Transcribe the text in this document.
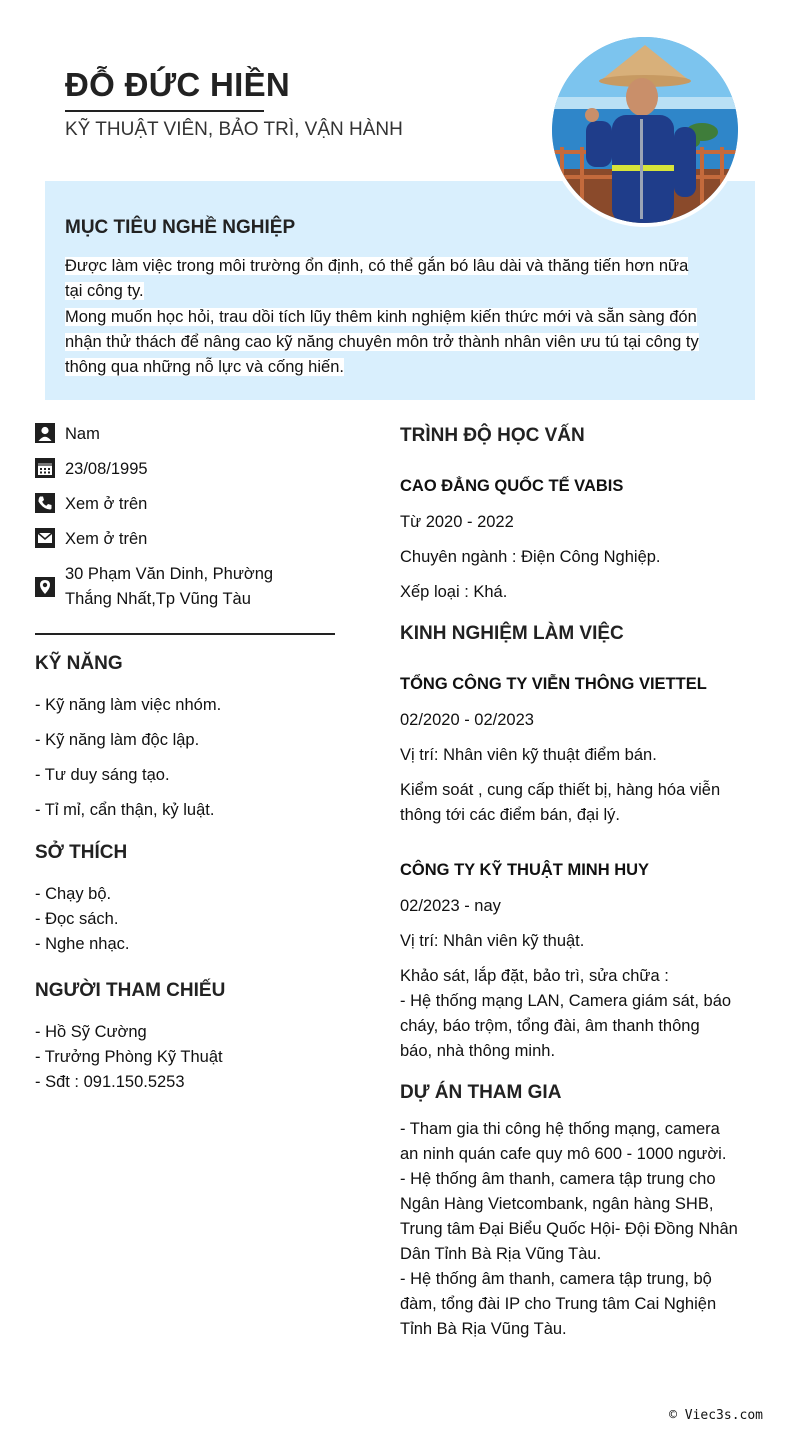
ĐỖ ĐỨC HIỀN
KỸ THUẬT VIÊN, BẢO TRÌ, VẬN HÀNH
MỤC TIÊU NGHỀ NGHIỆP
Được làm việc trong môi trường ổn định, có thể gắn bó lâu dài và thăng tiến hơn nữa
tại công ty.
Mong muốn học hỏi, trau dồi tích lũy thêm kinh nghiệm kiến thức mới và sẵn sàng đón
nhận thử thách để nâng cao kỹ năng chuyên môn trở thành nhân viên ưu tú tại công ty
thông qua những nỗ lực và cống hiến.
Nam
23/08/1995
Xem ở trên
Xem ở trên
30 Phạm Văn Dinh, Phường
Thắng Nhất,Tp Vũng Tàu
KỸ NĂNG
- Kỹ năng làm việc nhóm.
- Kỹ năng làm độc lập.
- Tư duy sáng tạo.
- Tỉ mỉ, cẩn thận, kỷ luật.
SỞ THÍCH
- Chạy bộ.
- Đọc sách.
- Nghe nhạc.
NGƯỜI THAM CHIẾU
- Hồ Sỹ Cường
- Trưởng Phòng Kỹ Thuật
- Sđt : 091.150.5253
TRÌNH ĐỘ HỌC VẤN
CAO ĐẲNG QUỐC TẾ VABIS
Từ 2020 - 2022
Chuyên ngành : Điện Công Nghiệp.
Xếp loại : Khá.
KINH NGHIỆM LÀM VIỆC
TỔNG CÔNG TY VIỄN THÔNG VIETTEL
02/2020 - 02/2023
Vị trí: Nhân viên kỹ thuật điểm bán.
Kiểm soát , cung cấp thiết bị, hàng hóa viễn
thông tới các điểm bán, đại lý.
CÔNG TY KỸ THUẬT MINH HUY
02/2023 - nay
Vị trí: Nhân viên kỹ thuật.
Khảo sát, lắp đặt, bảo trì, sửa chữa :
- Hệ thống mạng LAN, Camera giám sát, báo
cháy, báo trộm, tổng đài, âm thanh thông
báo, nhà thông minh.
DỰ ÁN THAM GIA
- Tham gia thi công hệ thống mạng, camera
an ninh quán cafe quy mô 600 - 1000 người.
- Hệ thống âm thanh, camera tập trung cho
Ngân Hàng Vietcombank, ngân hàng SHB,
Trung tâm Đại Biểu Quốc Hội- Đội Đồng Nhân
Dân Tỉnh Bà Rịa Vũng Tàu.
- Hệ thống âm thanh, camera tập trung, bộ
đàm, tổng đài IP cho Trung tâm Cai Nghiện
Tỉnh Bà Rịa Vũng Tàu.
© Viec3s.com
